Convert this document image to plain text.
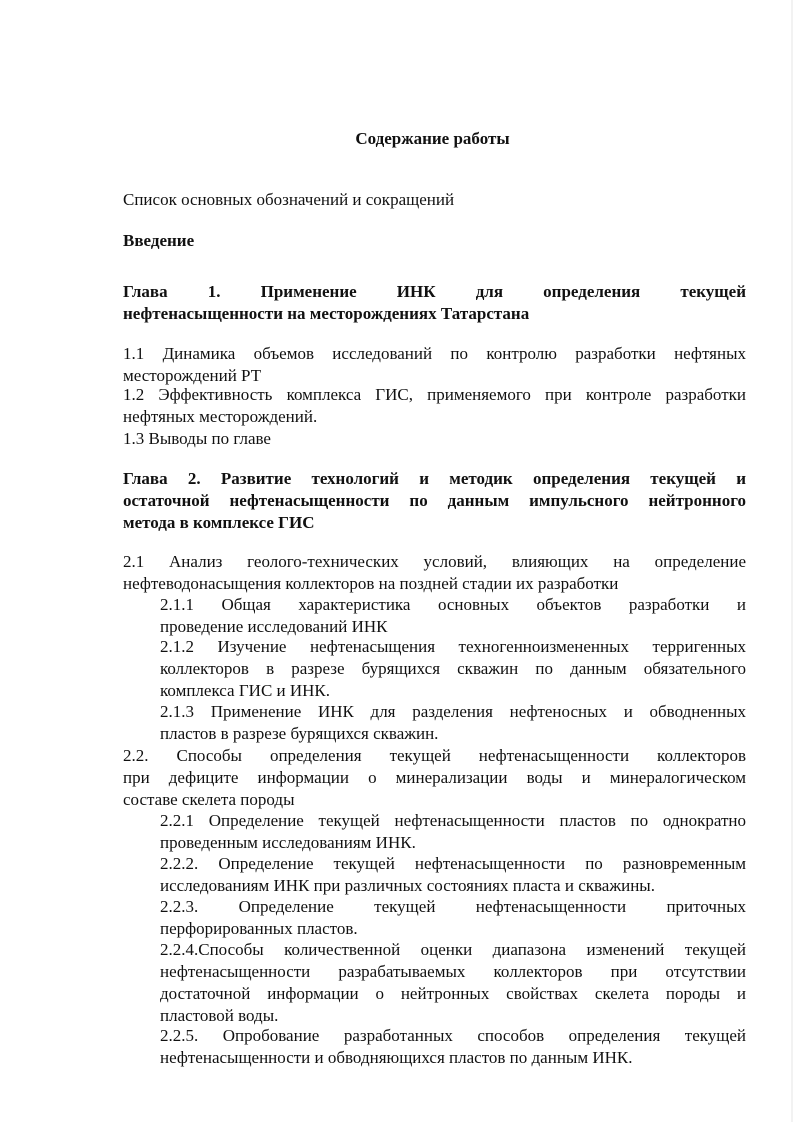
Содержание работы

Список основных обозначений и сокращений

Введение

Глава 1. Применение ИНК для определения текущей
нефтенасыщенности на месторождениях Татарстана

1.1 Динамика объемов исследований по контролю разработки нефтяных
месторождений РТ

1.2 Эффективность комплекса ГИС, применяемого при контроле разработки
нефтяных месторождений.

1.3 Выводы по главе

Глава 2. Развитие технологий и методик определения текущей и
остаточной нефтенасыщенности по данным импульсного нейтронного
метода в комплексе ГИС

2.1 Анализ геолого-технических условий, влияющих на определение
нефтеводонасыщения коллекторов на поздней стадии их разработки

2.1.1 Общая характеристика основных объектов разработки и
проведение исследований ИНК

2.1.2 Изучение нефтенасыщения техногенноизмененных терригенных
коллекторов в разрезе бурящихся скважин по данным обязательного
комплекса ГИС и ИНК.

2.1.3 Применение ИНК для разделения нефтеносных и обводненных
пластов в разрезе бурящихся скважин.

2.2. Способы определения текущей нефтенасыщенности коллекторов
при дефиците информации о минерализации воды и минералогическом
составе скелета породы

2.2.1 Определение текущей нефтенасыщенности пластов по однократно
проведенным исследованиям ИНК.

2.2.2. Определение текущей нефтенасыщенности по разновременным
исследованиям ИНК при различных состояниях пласта и скважины.

2.2.3. Определение текущей нефтенасыщенности приточных
перфорированных пластов.

2.2.4.Способы количественной оценки диапазона изменений текущей
нефтенасыщенности разрабатываемых коллекторов при отсутствии
достаточной информации о нейтронных свойствах скелета породы и
пластовой воды.

2.2.5. Опробование разработанных способов определения текущей
нефтенасыщенности и обводняющихся пластов по данным ИНК.
